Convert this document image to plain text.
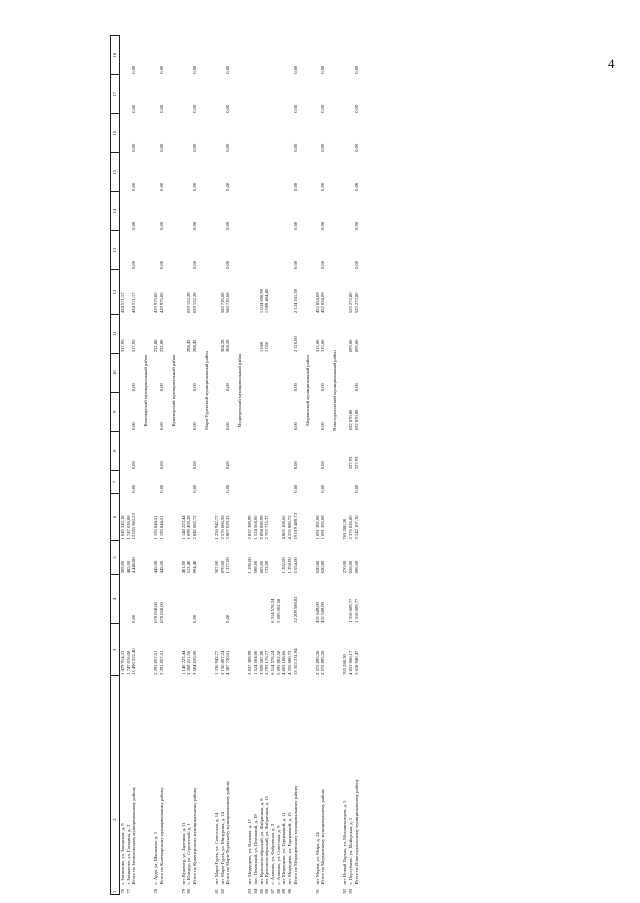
4
12	3	4	5	6	7	8	9	10	11	12	13	14	15	16	17	18
76г. Звенигово, ул. Заводская, д. 9	1 479 914,33		309,00	1 045 343,18					317,95	434 571,17						
77г. Звенигово, ул. Гагарина, д. 3	1 747 026,08		485,00	1 747 026,08												
Итого по Звениговскому муниципальному району	13 490 552,40	0,00	4 440,80	13 055 981,23	0,00	0,00	0,00	0,00	317,95	434 571,17	0,00	0,00	0,00	0,00	0,00	0,00
Килемарский муниципальный район																
78с. Арда, ул. Школьная, д. 3	2 291 857,51	678 038,00	445,00	1 193 844,51					232,80	419 975,00						
Итого по Килемарскому муниципальному району	2 291 857,51	678 038,00	445,00	1 193 844,51	0,00	0,00	0,00	0,00	232,80	419 975,00	0,00	0,00	0,00	0,00	0,00	0,00
Куженерский муниципальный район																
79пгт Куженер, ул. Заречная, д. 11	1 146 223,44		481,00	1 146 223,44												
80с. Юледур, ул. Строителей, д. 1	2 358 611,56		513,40	1 699 459,28					294,45	659 152,28						
Итого по Куженерскому муниципальному району	3 504 835,00	0,00	994,40	2 845 682,72	0,00	0,00	0,00	0,00	294,45	659 152,28	0,00	0,00	0,00	0,00	0,00	0,00
Мари-Турекский муниципальный район																
81пгт Мари-Турек, ул. Советская, д. 14	1 236 942,77		507,00	1 236 942,77												
82пгт Мари-Турек, ул. Мичурина, д. 14	3 150 807,24		870,00	2 570 086,56					304,28	560 720,68						
Итого по Мари-Турекскому муниципальному району	4 387 750,01	0,00	1 377,00	3 807 029,33	0,00	0,00	0,00	0,00	304,28	560 720,68	0,00	0,00	0,00	0,00	0,00	0,00
Медведевский муниципальный район																
83пгт Медведево, ул. Полевая, д. 17	2 837 389,99		1 190,00	2 837 389,99												
84пос. Пемчилий, ул. Пемчилий, д. 19	1 524 504,00		598,00	1 524 504,00												
85пгт Краснооктябрьский, ул. Фабричная, д. 9	3 929 587,98		605,00	2 894 890,99					1 060	1 034 696,99						
86пгт Краснооктябрьский, ул. Фабричная, д. 15	3 793 176,77		722,00	2 703 715,37					1 056	1 089 464,40						
87с. Азаново, ул. Фабричная, д. 3	6 514 578,24	6 514 578,24														
88с. Азаново, ул. Советская, д. 9	5 695 002,58	5 695 002,58														
89пгт Медведево, ул. Торцевикой, д. 11	4 803 108,66		1 282,00	4 803 108,66												
90пгт Медведево, ул. Торцевикой, д. 15	4 255 880,72		1 256,00	4 255 880,72												
Итого по Медведевскому муниципальному району	33 353 231,94	12 209 580,82	5 654,00	19 019 489,73	0,00	0,00	0,00	0,00	2 116,00	2 124 161,39	0,00	0,00	0,00	0,00	0,00	0,00
Моркинский муниципальный район																
91пгт Морки, ул. Мира, д. 24	2 575 895,26	431 649,09	620,80	1 691 392,08					315,60	452 854,09						
Итого по Моркинскому муниципальному району	2 575 895,26	431 649,09	620,80	1 691 392,08	0,00	0,00	0,00	0,00	315,60	452 854,09	0,00	0,00	0,00	0,00	0,00	0,00
Новоторъяльский муниципальный район																
92пгт Новый Торъял, ул. Механизаторов, д. 5	765 280,30		270,00	765 280,30												
93с. Пертубаево, ул. Майорская, д. 1	4 853 660,17	1 318 689,77	626,00	2 376 826,80		227,93	632 870,80		693,60	525 272,80						
Итого по Новоторъяльскому муниципальному району	5 618 940,47	1 318 689,77	896,00	3 142 107,10	0,00	227,93	632 870,80	0,00	693,60	525 272,80	0,00	0,00	0,00	0,00	0,00	0,00
